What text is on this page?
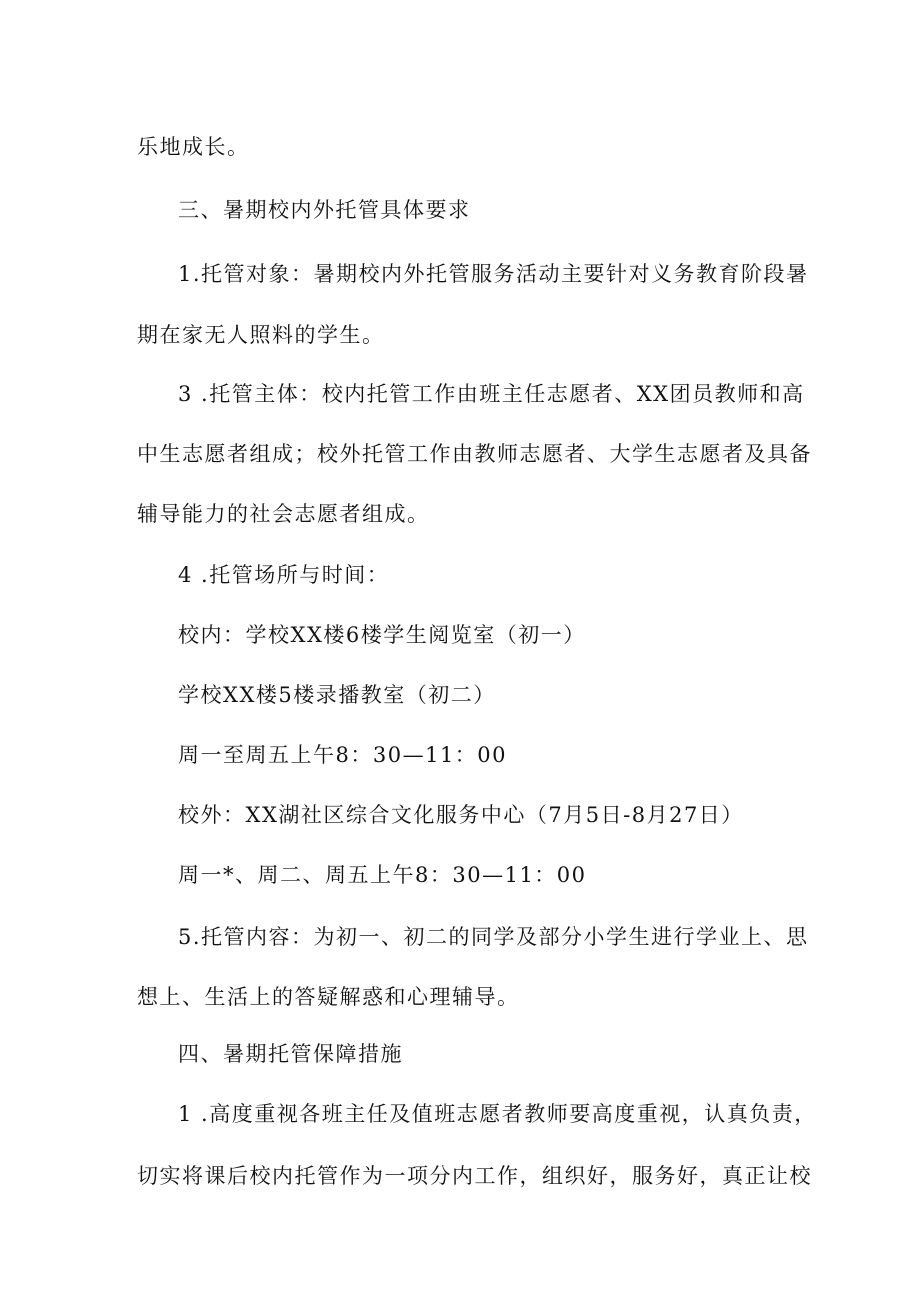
乐地成长。
三、暑期校内外托管具体要求
1.托管对象：暑期校内外托管服务活动主要针对义务教育阶段暑
期在家无人照料的学生。
3 .托管主体：校内托管工作由班主任志愿者、XX团员教师和高
中生志愿者组成；校外托管工作由教师志愿者、大学生志愿者及具备
辅导能力的社会志愿者组成。
4 .托管场所与时间：
校内：学校XX楼6楼学生阅览室（初一）
学校XX楼5楼录播教室（初二）
周一至周五上午8：30—11：00
校外：XX湖社区综合文化服务中心（7月5日-8月27日）
周一*、周二、周五上午8：30—11：00
5.托管内容：为初一、初二的同学及部分小学生进行学业上、思
想上、生活上的答疑解惑和心理辅导。
四、暑期托管保障措施
1 .高度重视各班主任及值班志愿者教师要高度重视，认真负责，
切实将课后校内托管作为一项分内工作，组织好，服务好，真正让校
